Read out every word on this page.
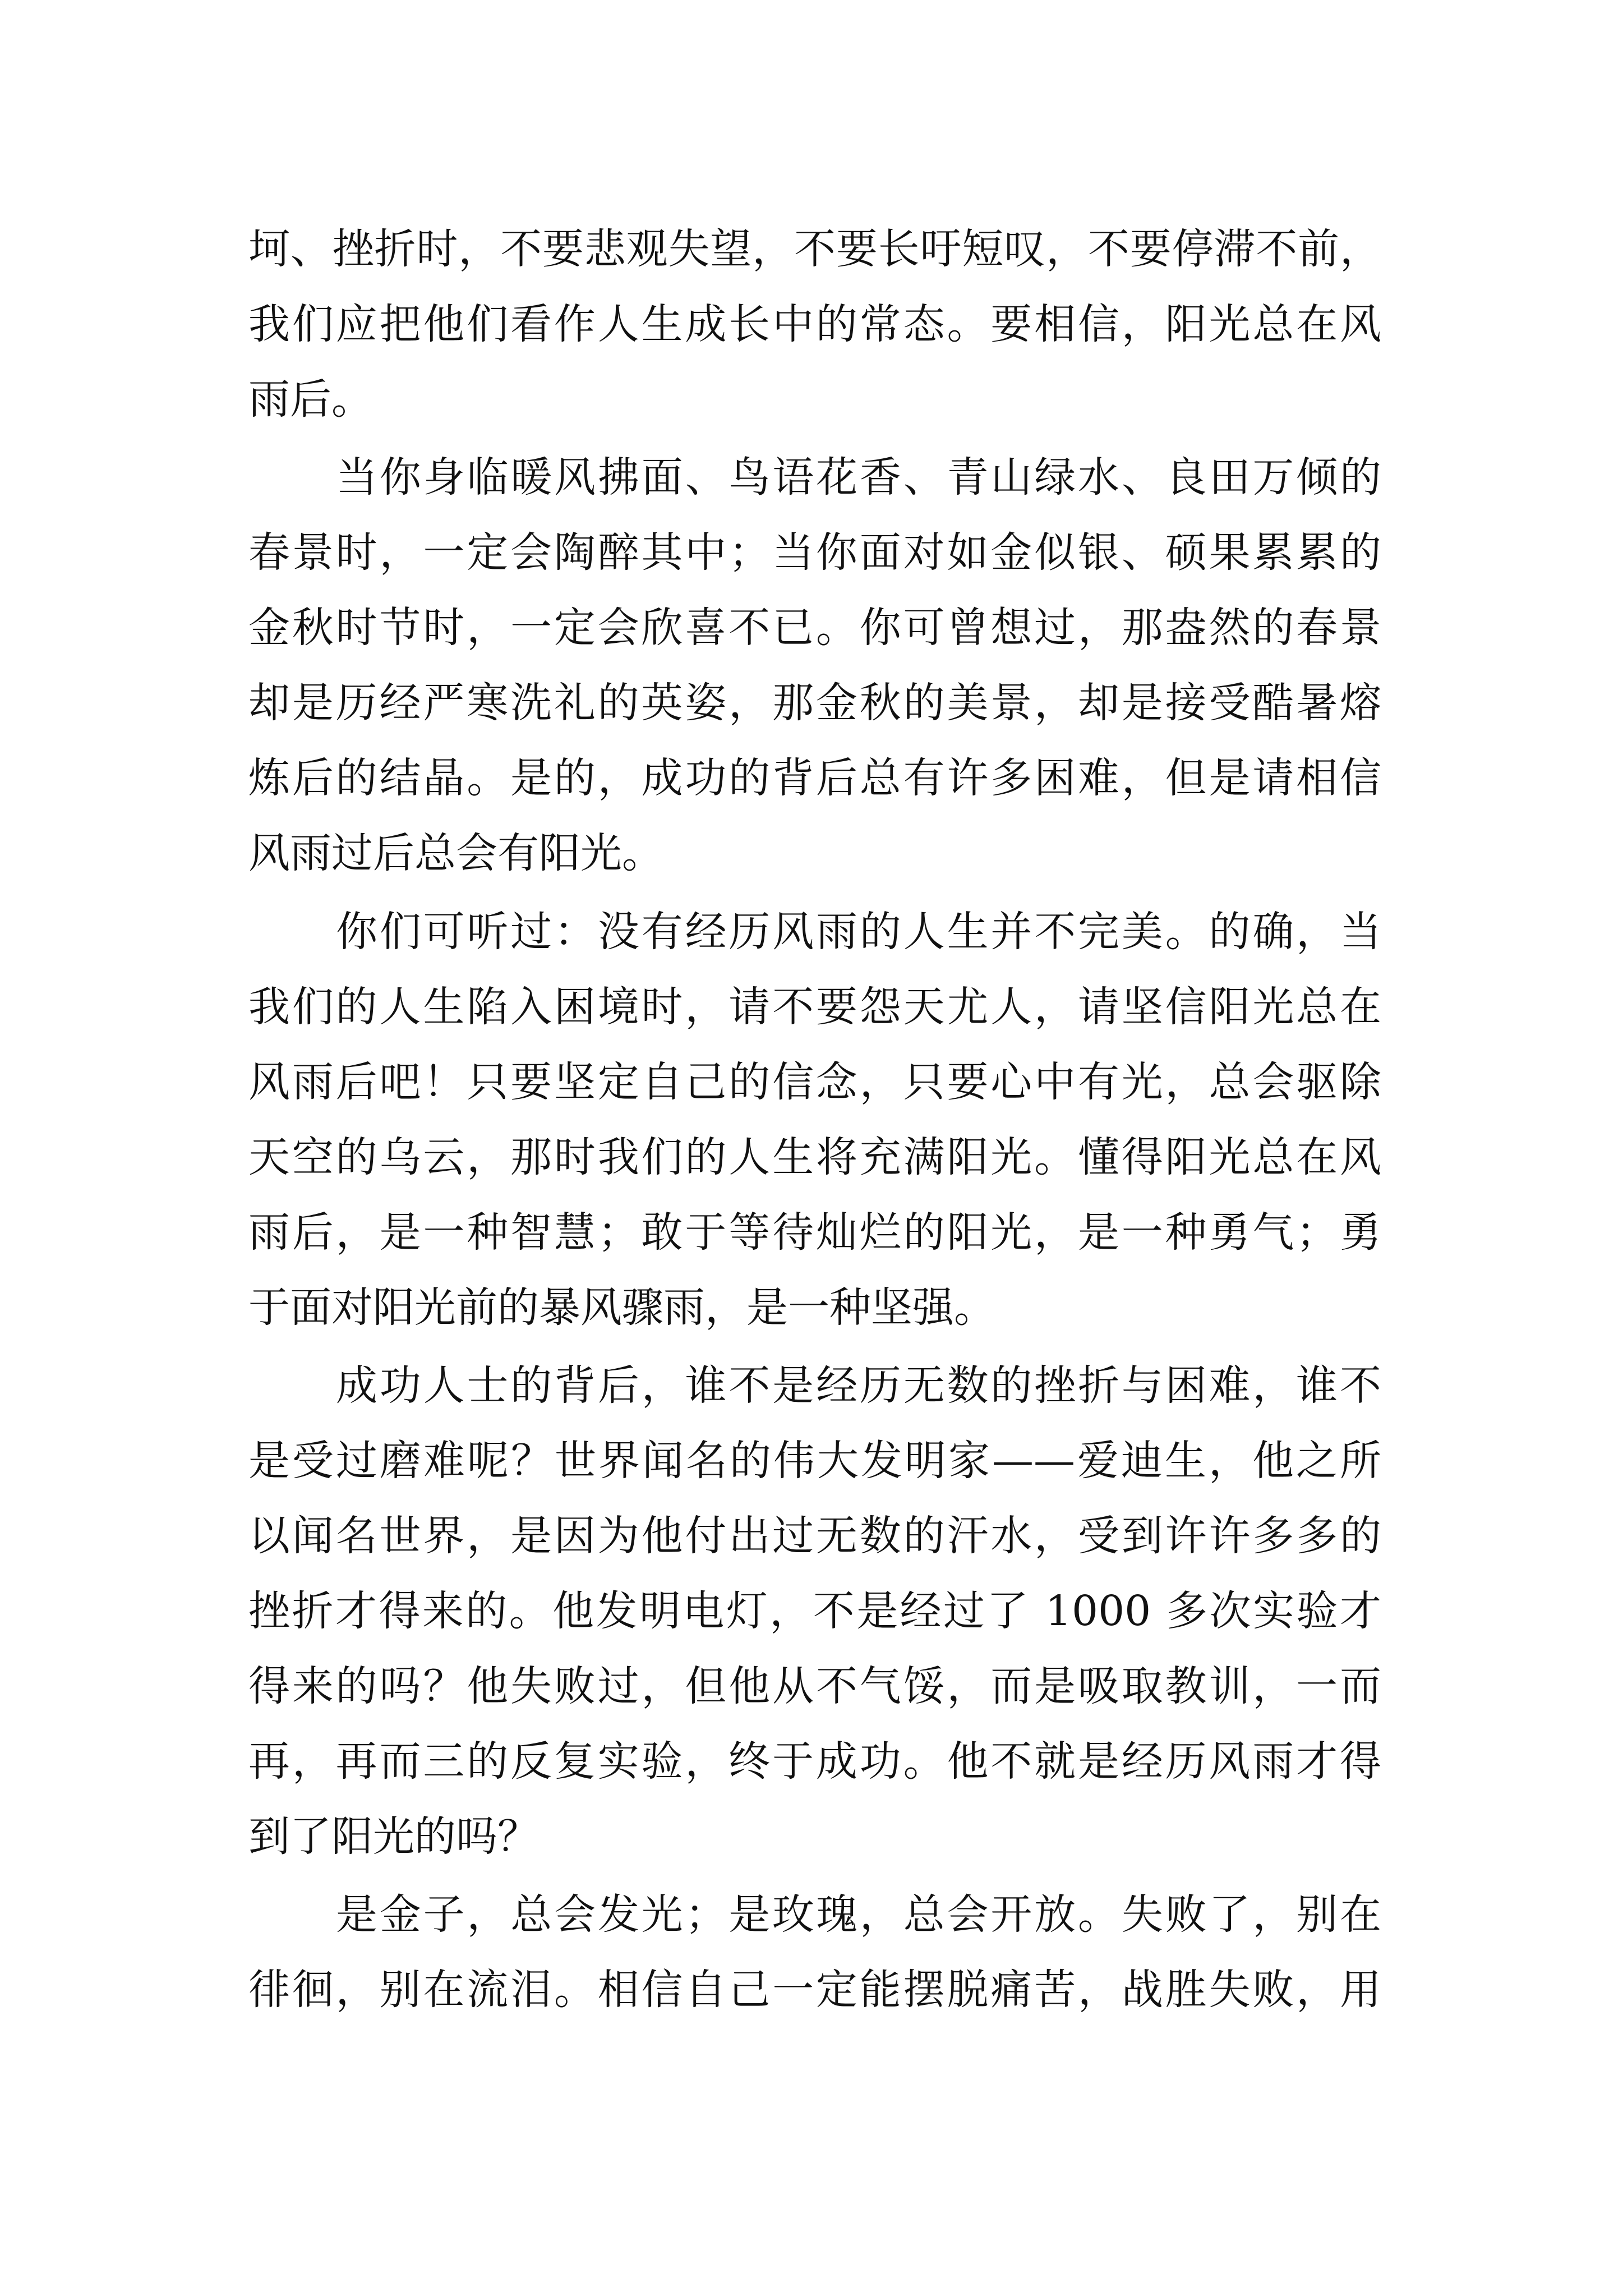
坷、挫折时，不要悲观失望，不要长吁短叹，不要停滞不前，

我们应把他们看作人生成长中的常态。要相信，阳光总在风

雨后。

当你身临暖风拂面、鸟语花香、青山绿水、良田万倾的

春景时，一定会陶醉其中；当你面对如金似银、硕果累累的

金秋时节时，一定会欣喜不已。你可曾想过，那盎然的春景

却是历经严寒洗礼的英姿，那金秋的美景，却是接受酷暑熔

炼后的结晶。是的，成功的背后总有许多困难，但是请相信

风雨过后总会有阳光。

你们可听过：没有经历风雨的人生并不完美。的确，当

我们的人生陷入困境时，请不要怨天尤人，请坚信阳光总在

风雨后吧！只要坚定自己的信念，只要心中有光，总会驱除

天空的乌云，那时我们的人生将充满阳光。懂得阳光总在风

雨后，是一种智慧；敢于等待灿烂的阳光，是一种勇气；勇

于面对阳光前的暴风骤雨，是一种坚强。

成功人士的背后，谁不是经历无数的挫折与困难，谁不

是受过磨难呢？世界闻名的伟大发明家——爱迪生，他之所

以闻名世界，是因为他付出过无数的汗水，受到许许多多的

挫折才得来的。他发明电灯，不是经过了 1000 多次实验才

得来的吗？他失败过，但他从不气馁，而是吸取教训，一而

再，再而三的反复实验，终于成功。他不就是经历风雨才得

到了阳光的吗？

是金子，总会发光；是玫瑰，总会开放。失败了，别在

徘徊，别在流泪。相信自己一定能摆脱痛苦，战胜失败，用
